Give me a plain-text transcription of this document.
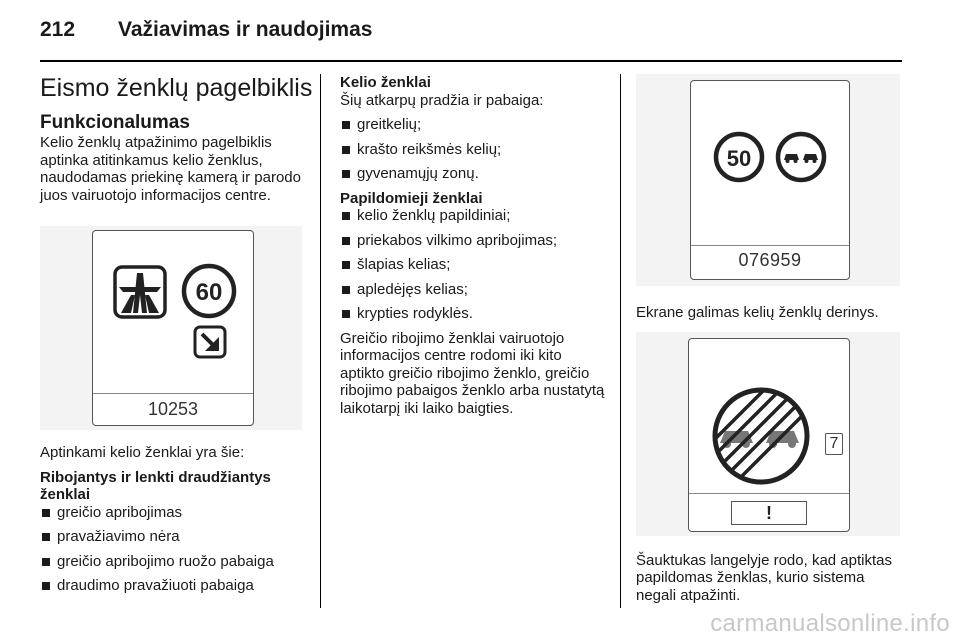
212 Važiavimas ir naudojimas
Eismo ženklų pagelbiklis
Funkcionalumas

Kelio ženklų atpažinimo pagelbiklis aptinka atitinkamus kelio ženklus, naudodamas priekinę kamerą ir parodo juos vairuotojo informacijos centre.

60
10253

Aptinkami kelio ženklai yra šie:

Ribojantys ir lenkti draudžiantys ženklai
greičio apribojimas
pravažiavimo nėra
greičio apribojimo ruožo pabaiga
draudimo pravažiuoti pabaiga
Kelio ženklai

Šių atkarpų pradžia ir pabaiga:

greitkelių;
krašto reikšmės kelių;
gyvenamųjų zonų.
Papildomieji ženklai
kelio ženklų papildiniai;
priekabos vilkimo apribojimas;
šlapias kelias;
apledėjęs kelias;
krypties rodyklės.

Greičio ribojimo ženklai vairuotojo informacijos centre rodomi iki kito aptikto greičio ribojimo ženklo, greičio ribojimo pabaigos ženklo arba nustatytą laikotarpį iki laiko baigties.

50
076959

Ekrane galimas kelių ženklų derinys.

7
!

Šauktukas langelyje rodo, kad aptiktas papildomas ženklas, kurio sistema negali atpažinti.

carmanualsonline.info
